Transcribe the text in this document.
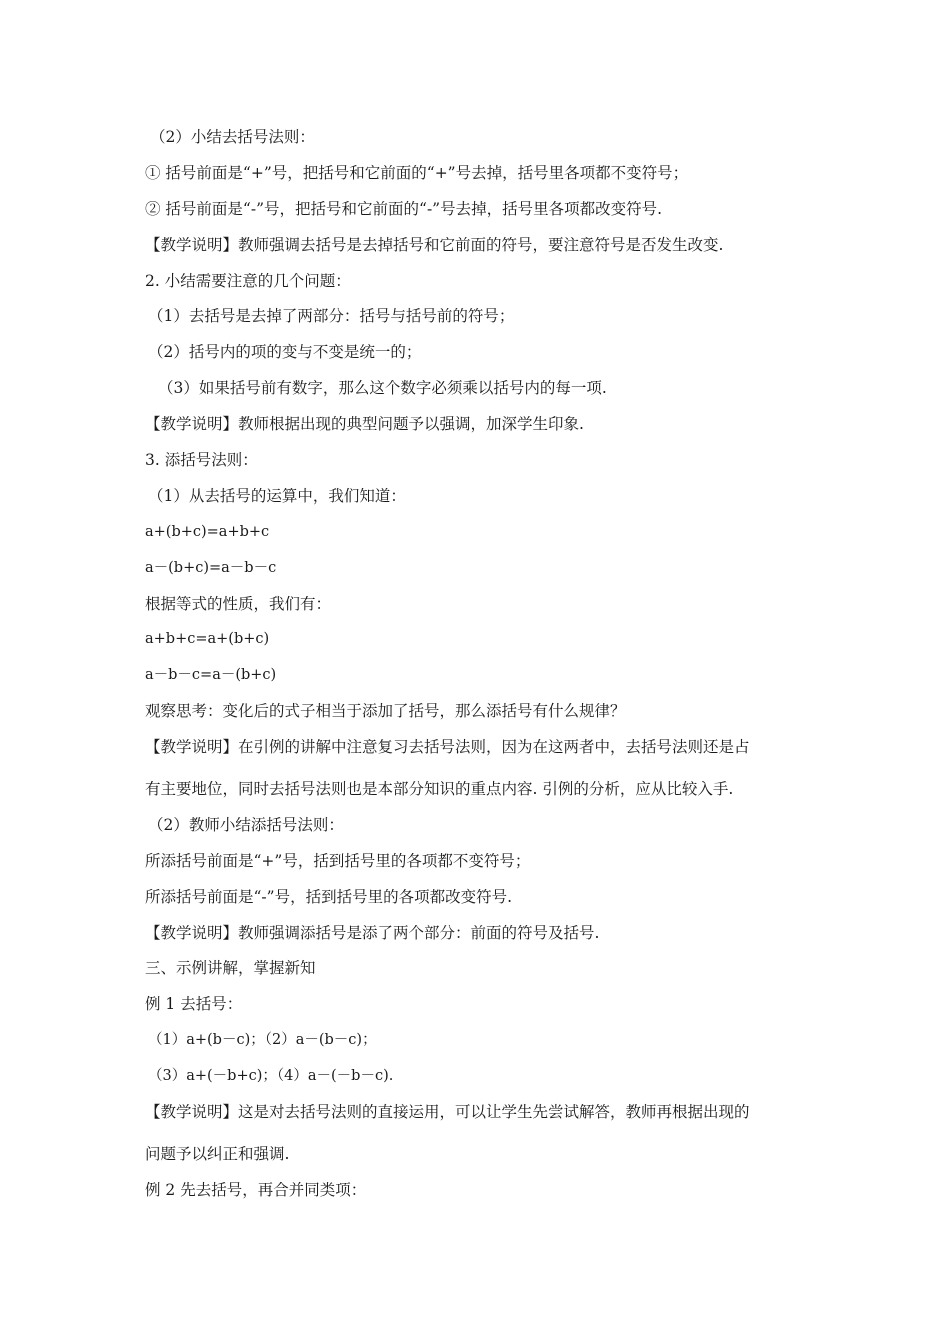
（2）小结去括号法则：
① 括号前面是“+”号，把括号和它前面的“+”号去掉，括号里各项都不变符号；
② 括号前面是“-”号，把括号和它前面的“-”号去掉，括号里各项都改变符号.
【教学说明】教师强调去括号是去掉括号和它前面的符号，要注意符号是否发生改变.
2. 小结需要注意的几个问题：
（1）去括号是去掉了两部分：括号与括号前的符号；
（2）括号内的项的变与不变是统一的；
（3）如果括号前有数字，那么这个数字必须乘以括号内的每一项.
【教学说明】教师根据出现的典型问题予以强调，加深学生印象.
3. 添括号法则：
（1）从去括号的运算中，我们知道：
a+(b+c)=a+b+c
a－(b+c)=a－b－c
根据等式的性质，我们有：
a+b+c=a+(b+c)
a－b－c=a－(b+c)
观察思考：变化后的式子相当于添加了括号，那么添括号有什么规律？
【教学说明】在引例的讲解中注意复习去括号法则，因为在这两者中，去括号法则还是占
有主要地位，同时去括号法则也是本部分知识的重点内容. 引例的分析，应从比较入手.
（2）教师小结添括号法则：
所添括号前面是“+”号，括到括号里的各项都不变符号；
所添括号前面是“-”号，括到括号里的各项都改变符号.
【教学说明】教师强调添括号是添了两个部分：前面的符号及括号.
三、示例讲解，掌握新知
例 1 去括号：
（1）a+(b－c)；（2）a－(b－c)；
（3）a+(－b+c)；（4）a－(－b－c).
【教学说明】这是对去括号法则的直接运用，可以让学生先尝试解答，教师再根据出现的
问题予以纠正和强调.
例 2 先去括号，再合并同类项：
